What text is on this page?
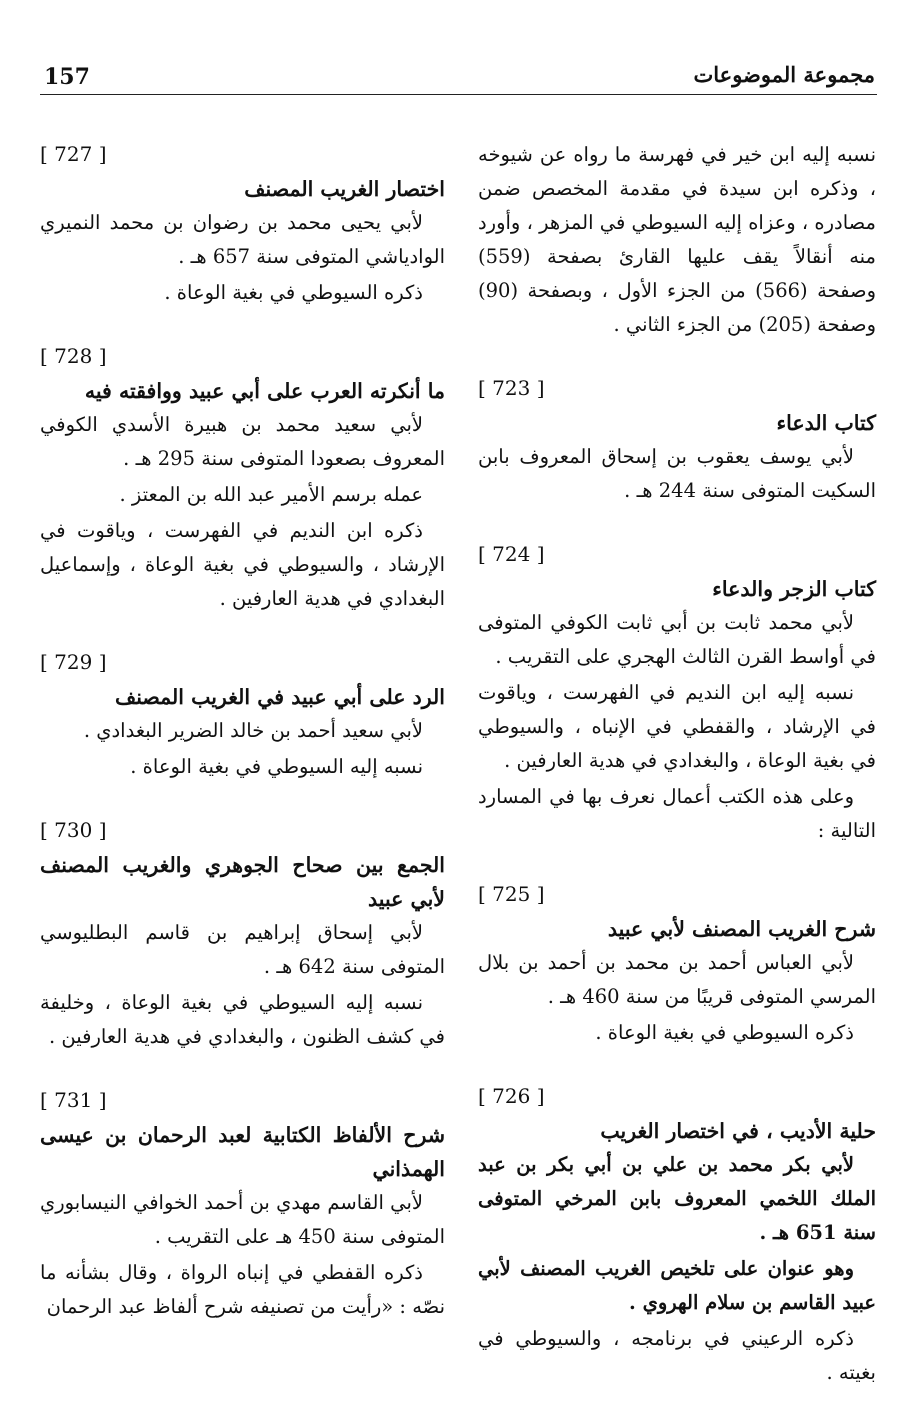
157	مجموعة الموضوعات

نسبه إليه ابن خير في فهرسة ما رواه عن شيوخه ، وذكره ابن سيدة في مقدمة المخصص ضمن مصادره ، وعزاه إليه السيوطي في المزهر ، وأورد منه أنقالاً يقف عليها القارئ بصفحة (559) وصفحة (566) من الجزء الأول ، وبصفحة (90) وصفحة (205) من الجزء الثاني .

[ 723 ]
كتاب الدعاء

لأبي يوسف يعقوب بن إسحاق المعروف بابن السكيت المتوفى سنة 244 هـ .

[ 724 ]
كتاب الزجر والدعاء

لأبي محمد ثابت بن أبي ثابت الكوفي المتوفى في أواسط القرن الثالث الهجري على التقريب .

نسبه إليه ابن النديم في الفهرست ، وياقوت في الإرشاد ، والقفطي في الإنباه ، والسيوطي في بغية الوعاة ، والبغدادي في هدية العارفين .

وعلى هذه الكتب أعمال نعرف بها في المسارد التالية :

[ 725 ]
شرح الغريب المصنف لأبي عبيد

لأبي العباس أحمد بن محمد بن أحمد بن بلال المرسي المتوفى قريبًا من سنة 460 هـ .

ذكره السيوطي في بغية الوعاة .

[ 726 ]
حلية الأديب ، في اختصار الغريب

لأبي بكر محمد بن علي بن أبي بكر بن عبد الملك اللخمي المعروف بابن المرخي المتوفى سنة 651 هـ .

وهو عنوان على تلخيص الغريب المصنف لأبي عبيد القاسم بن سلام الهروي .

ذكره الرعيني في برنامجه ، والسيوطي في بغيته .

[ 727 ]
اختصار الغريب المصنف

لأبي يحيى محمد بن رضوان بن محمد النميري الوادياشي المتوفى سنة 657 هـ .

ذكره السيوطي في بغية الوعاة .

[ 728 ]
ما أنكرته العرب على أبي عبيد ووافقته فيه

لأبي سعيد محمد بن هبيرة الأسدي الكوفي المعروف بصعودا المتوفى سنة 295 هـ .

عمله برسم الأمير عبد الله بن المعتز .

ذكره ابن النديم في الفهرست ، وياقوت في الإرشاد ، والسيوطي في بغية الوعاة ، وإسماعيل البغدادي في هدية العارفين .

[ 729 ]
الرد على أبي عبيد في الغريب المصنف

لأبي سعيد أحمد بن خالد الضرير البغدادي .

نسبه إليه السيوطي في بغية الوعاة .

[ 730 ]
الجمع بين صحاح الجوهري والغريب المصنف لأبي عبيد

لأبي إسحاق إبراهيم بن قاسم البطليوسي المتوفى سنة 642 هـ .

نسبه إليه السيوطي في بغية الوعاة ، وخليفة في كشف الظنون ، والبغدادي في هدية العارفين .

[ 731 ]
شرح الألفاظ الكتابية لعبد الرحمان بن عيسى الهمذاني

لأبي القاسم مهدي بن أحمد الخوافي النيسابوري المتوفى سنة 450 هـ على التقريب .

ذكره القفطي في إنباه الرواة ، وقال بشأنه ما نصّه : «رأيت من تصنيفه شرح ألفاظ عبد الرحمان
